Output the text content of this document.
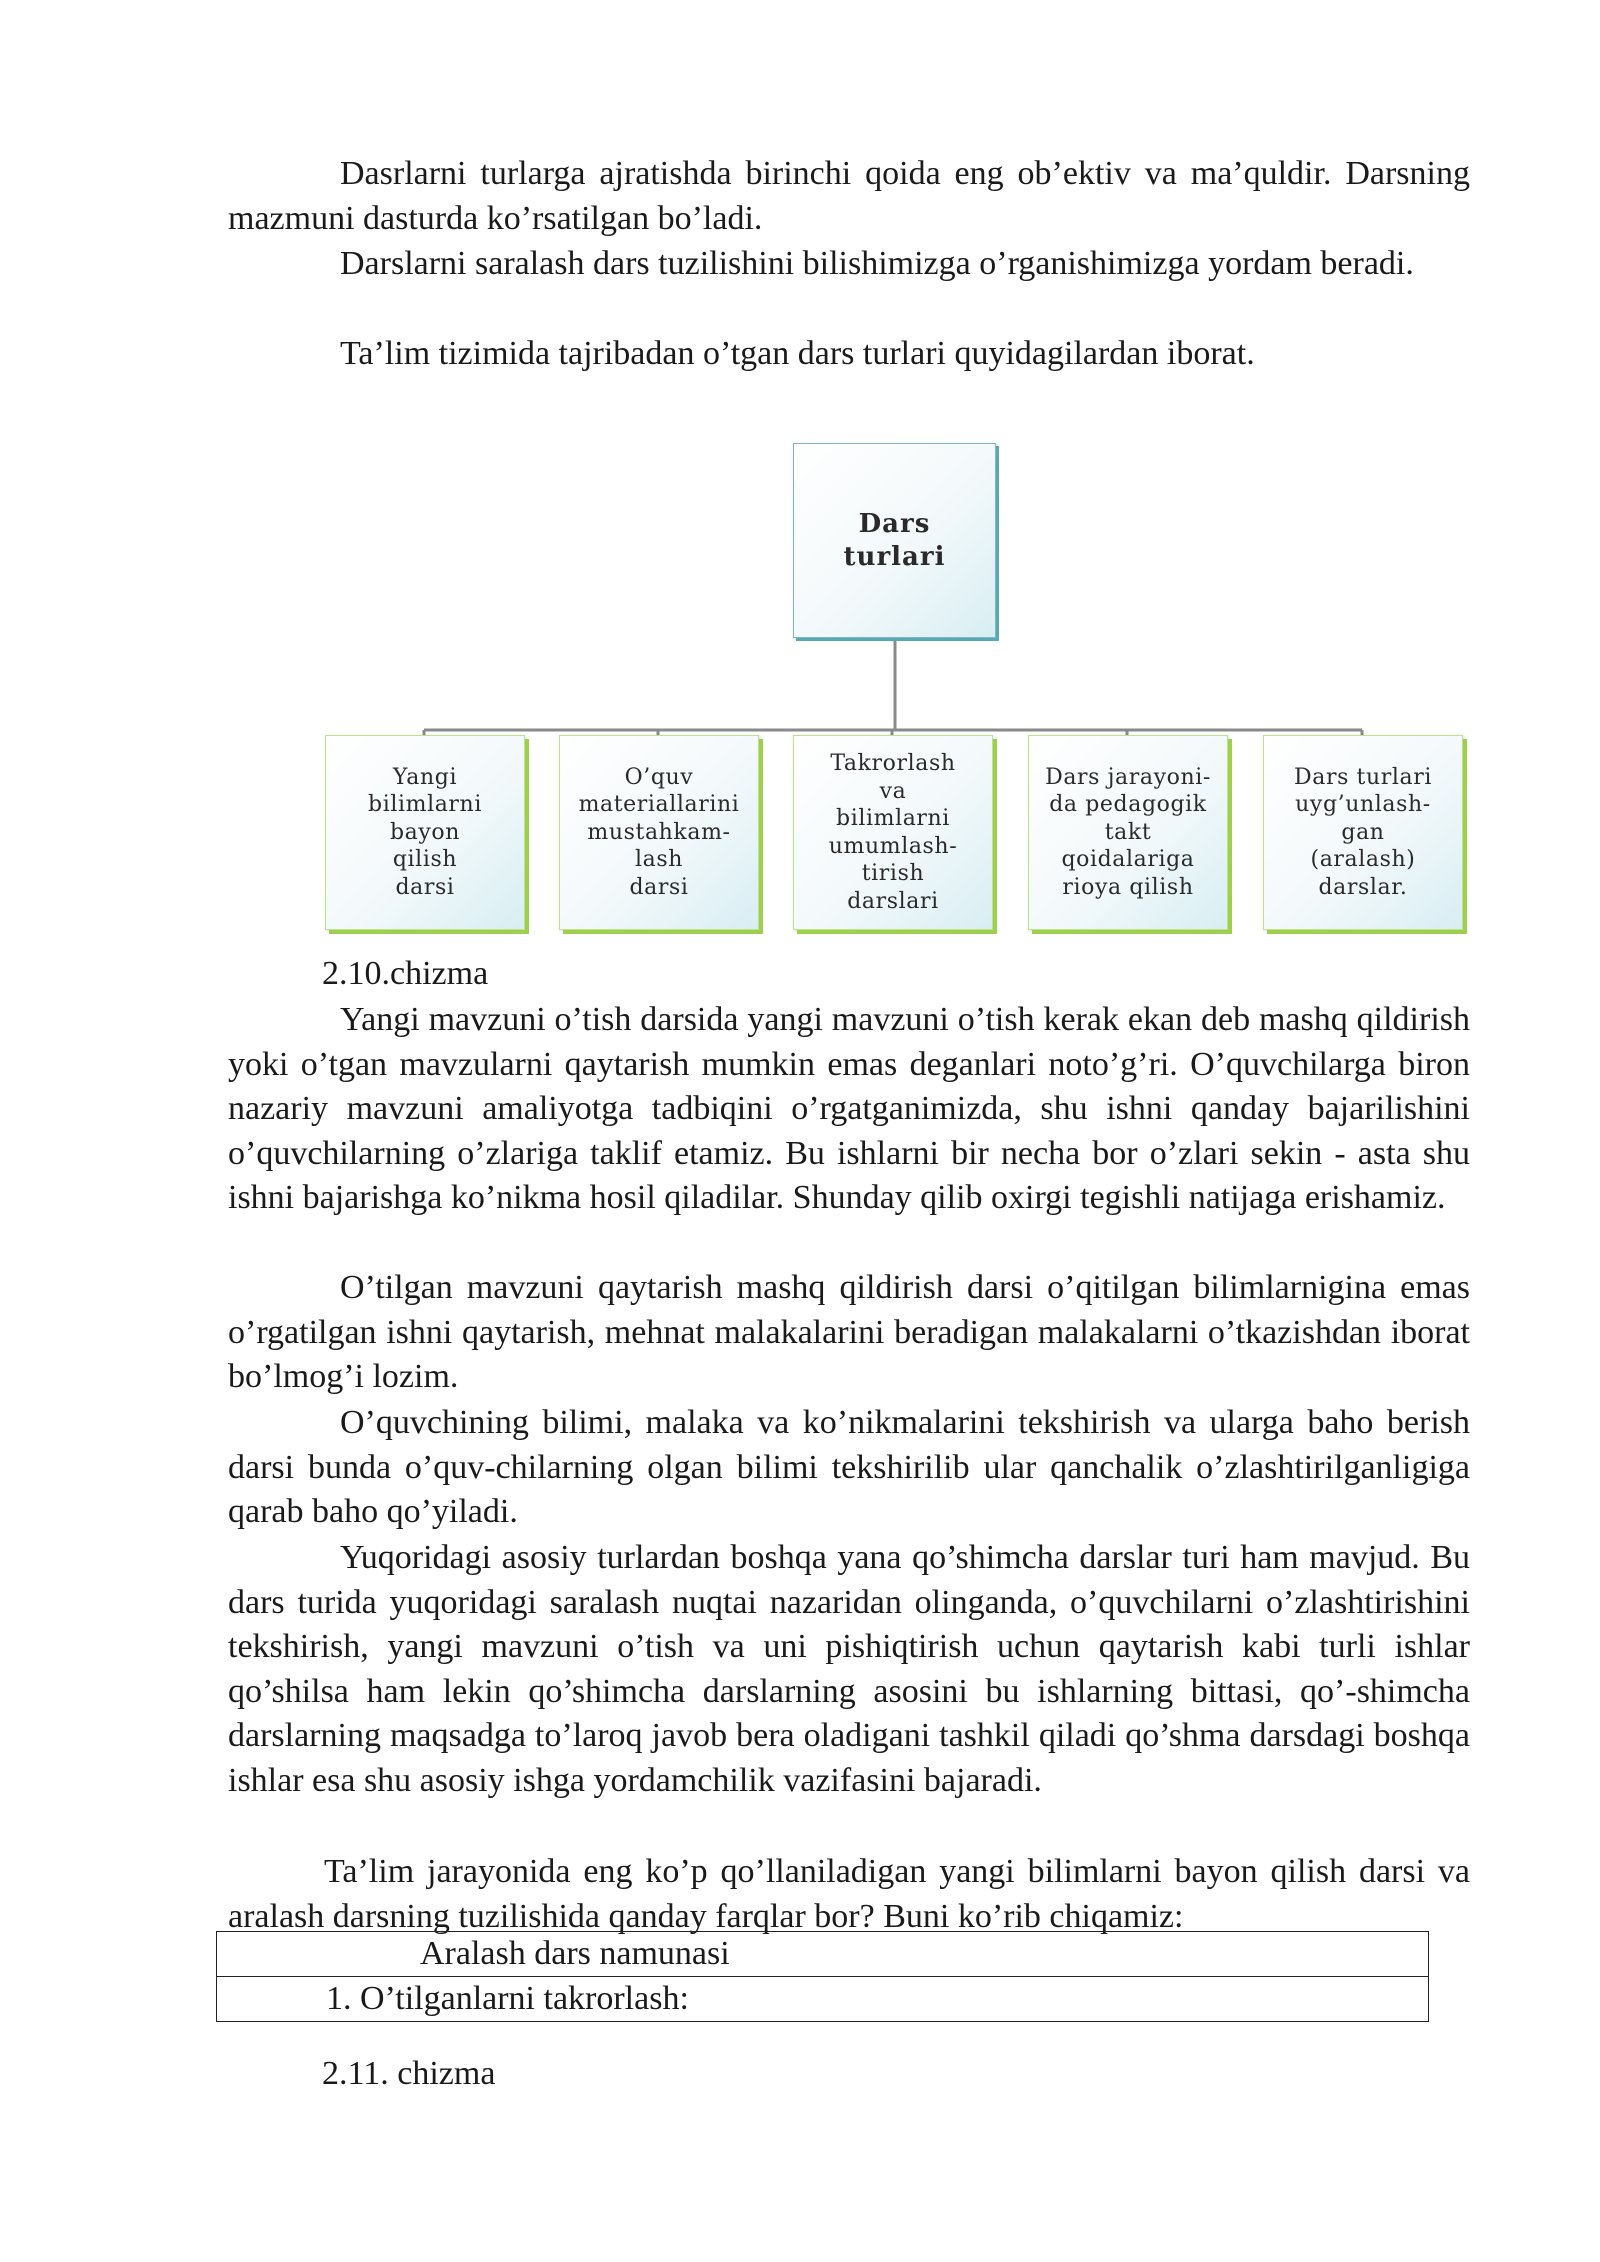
Dasrlarni turlarga ajratishda birinchi qoida eng ob’ektiv va ma’quldir. Darsning mazmuni dasturda ko’rsatilgan bo’ladi.

Darslarni saralash dars tuzilishini bilishimizga o’rganishimizga yordam beradi.

Ta’lim tizimida tajribadan o’tgan dars turlari quyidagilardan iborat.

Dars
turlari
Yangi
bilimlarni
bayon
qilish
darsi
O’quv
materiallarini
mustahkam-
lash
darsi
Takrorlash
va
bilimlarni
umumlash-
tirish
darslari
Dars jarayoni-
da pedagogik
takt
qoidalariga
rioya qilish
Dars turlari
uyg’unlash-
gan
(aralash)
darslar.
2.10.chizma

Yangi mavzuni o’tish darsida yangi mavzuni o’tish kerak ekan deb mashq qildirish yoki o’tgan mavzularni qaytarish mumkin emas deganlari noto’g’ri. O’quvchilarga biron nazariy mavzuni amaliyotga tadbiqini o’rgatganimizda, shu ishni qanday bajarilishini o’quvchilarning o’zlariga taklif etamiz. Bu ishlarni bir necha bor o’zlari sekin - asta shu ishni bajarishga ko’nikma hosil qiladilar. Shunday qilib oxirgi tegishli natijaga erishamiz.

O’tilgan mavzuni qaytarish mashq qildirish darsi o’qitilgan bilimlarnigina emas o’rgatilgan ishni qaytarish, mehnat malakalarini beradigan malakalarni o’tkazishdan iborat bo’lmog’i lozim.

O’quvchining bilimi, malaka va ko’nikmalarini tekshirish va ularga baho berish darsi bunda o’quv-chilarning olgan bilimi tekshirilib ular qanchalik o’zlashtirilganligiga qarab baho qo’yiladi.

Yuqoridagi asosiy turlardan boshqa yana qo’shimcha darslar turi ham mavjud. Bu dars turida yuqoridagi saralash nuqtai nazaridan olinganda, o’quvchilarni o’zlashtirishini tekshirish, yangi mavzuni o’tish va uni pishiqtirish uchun qaytarish kabi turli ishlar qo’shilsa ham lekin qo’shimcha darslarning asosini bu ishlarning bittasi, qo’-shimcha darslarning maqsadga to’laroq javob bera oladigani tashkil qiladi qo’shma darsdagi boshqa ishlar esa shu asosiy ishga yordamchilik vazifasini bajaradi.

Ta’lim jarayonida eng ko’p qo’llaniladigan yangi bilimlarni bayon qilish darsi va aralash darsning tuzilishida qanday farqlar bor? Buni ko’rib chiqamiz:

Aralash dars namunasi
1. O’tilganlarni takrorlash:
2.11. chizma
